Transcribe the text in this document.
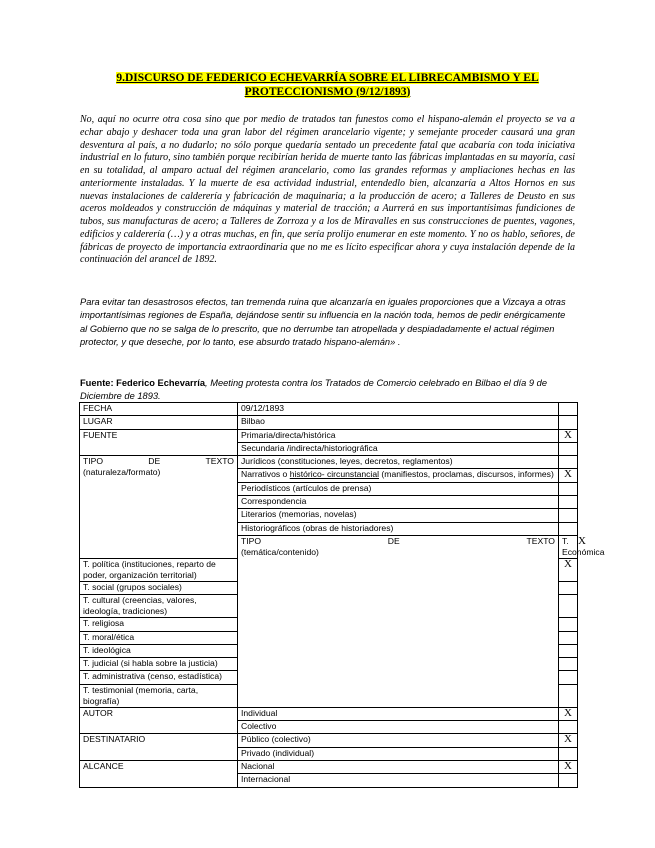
9.DISCURSO DE FEDERICO ECHEVARRÍA SOBRE EL LIBRECAMBISMO Y EL PROTECCIONISMO (9/12/1893)
No, aquí no ocurre otra cosa sino que por medio de tratados tan funestos como el hispano-alemán el proyecto se va a echar abajo y deshacer toda una gran labor del régimen arancelario vigente; y semejante proceder causará una gran desventura al país, a no dudarlo; no sólo porque quedaría sentado un precedente fatal que acabaría con toda iniciativa industrial en lo futuro, sino también porque recibirían herida de muerte tanto las fábricas implantadas en su mayoría, casi en su totalidad, al amparo actual del régimen arancelario, como las grandes reformas y ampliaciones hechas en las anteriormente instaladas. Y la muerte de esa actividad industrial, entendedlo bien, alcanzaría a Altos Hornos en sus nuevas instalaciones de calderería y fabricación de maquinaria; a la producción de acero; a Talleres de Deusto en sus aceros moldeados y construcción de máquinas y material de tracción; a Aurrerá en sus importantísimas fundiciones de tubos, sus manufacturas de acero; a Talleres de Zorroza y a los de Miravalles en sus construcciones de puentes, vagones, edificios y calderería (…) y a otras muchas, en fin, que sería prolijo enumerar en este momento. Y no os hablo, señores, de fábricas de proyecto de importancia extraordinaria que no me es lícito especificar ahora y cuya instalación depende de la continuación del arancel de 1892.
Para evitar tan desastrosos efectos, tan tremenda ruina que alcanzaría en iguales proporciones que a Vizcaya a otras importantísimas regiones de España, dejándose sentir su influencia en la nación toda, hemos de pedir enérgicamente al Gobierno que no se salga de lo prescrito, que no derrumbe tan atropellada y despiadadamente el actual régimen protector, y que deseche, por lo tanto, ese absurdo tratado hispano-alemán» .
Fuente: Federico Echevarría, Meeting protesta contra los Tratados de Comercio celebrado en Bilbao el día 9 de Diciembre de 1893.
FECHA	09/12/1893		
LUGAR	Bilbao		
FUENTE	Primaria/directa/histórica	X	
	Secundaria /indirecta/historiográfica		

TIPO DE TEXTO
(naturaleza/formato)	Jurídicos (constituciones, leyes, decretos, reglamentos)		
	Narrativos o histórico- circunstancial (manifiestos, proclamas, discursos, informes)	X	
	Periodísticos (artículos de prensa)		
	Correspondencia		
	Literarios (memorias, novelas)		
	Historiográficos (obras de historiadores)		

	TIPO DE TEXTO
(temática/contenido)	T. Económica	X
T. política (instituciones, reparto de poder, organización territorial)		X	
T. social (grupos sociales)			
T. cultural (creencias, valores, ideología, tradiciones)			
T. religiosa			
T. moral/ética			
T. ideológica			
T. judicial (si habla sobre la justicia)			
T. administrativa (censo, estadística)			
T. testimonial (memoria, carta, biografía)			
AUTOR	Individual	X	
	Colectivo		
DESTINATARIO	Público (colectivo)	X	
	Privado (individual)		
ALCANCE	Nacional	X	
	Internacional		
